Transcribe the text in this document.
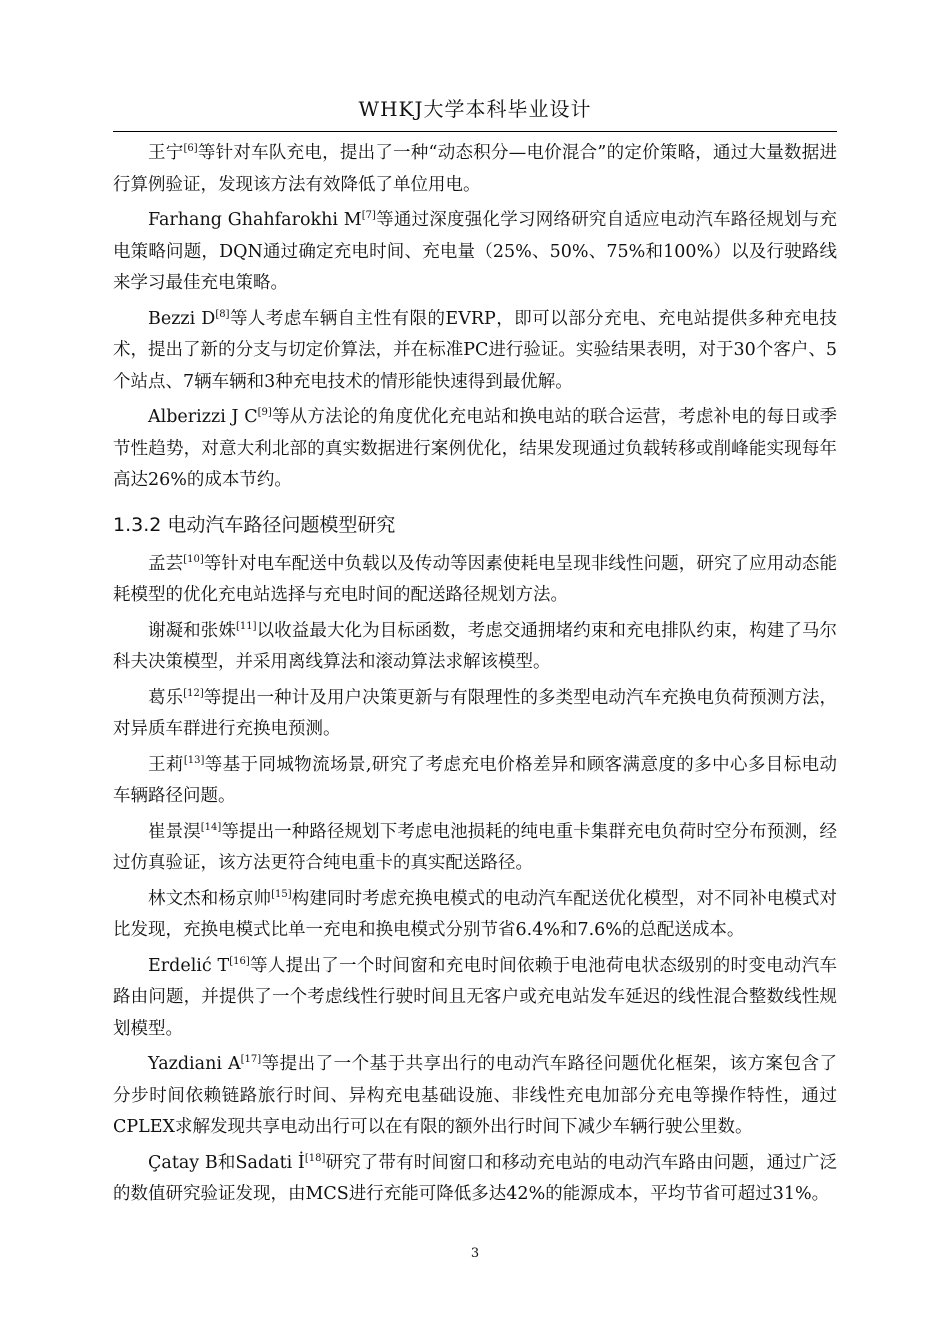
WHKJ大学本科毕业设计

王宁[6]等针对车队充电，提出了一种“动态积分—电价混合”的定价策略，通过大量数据进行算例验证，发现该方法有效降低了单位用电。

Farhang Ghahfarokhi M[7]等通过深度强化学习网络研究自适应电动汽车路径规划与充电策略问题，DQN通过确定充电时间、充电量（25%、50%、75%和100%）以及行驶路线来学习最佳充电策略。

Bezzi D[8]等人考虑车辆自主性有限的EVRP，即可以部分充电、充电站提供多种充电技术，提出了新的分支与切定价算法，并在标准PC进行验证。实验结果表明，对于30个客户、5个站点、7辆车辆和3种充电技术的情形能快速得到最优解。

Alberizzi J C[9]等从方法论的角度优化充电站和换电站的联合运营，考虑补电的每日或季节性趋势，对意大利北部的真实数据进行案例优化，结果发现通过负载转移或削峰能实现每年高达26%的成本节约。

1.3.2 电动汽车路径问题模型研究

孟芸[10]等针对电车配送中负载以及传动等因素使耗电呈现非线性问题，研究了应用动态能耗模型的优化充电站选择与充电时间的配送路径规划方法。

谢凝和张姝[11]以收益最大化为目标函数，考虑交通拥堵约束和充电排队约束，构建了马尔科夫决策模型，并采用离线算法和滚动算法求解该模型。

葛乐[12]等提出一种计及用户决策更新与有限理性的多类型电动汽车充换电负荷预测方法，对异质车群进行充换电预测。

王莉[13]等基于同城物流场景,研究了考虑充电价格差异和顾客满意度的多中心多目标电动车辆路径问题。

崔景淏[14]等提出一种路径规划下考虑电池损耗的纯电重卡集群充电负荷时空分布预测，经过仿真验证，该方法更符合纯电重卡的真实配送路径。

林文杰和杨京帅[15]构建同时考虑充换电模式的电动汽车配送优化模型，对不同补电模式对比发现，充换电模式比单一充电和换电模式分别节省6.4%和7.6%的总配送成本。

Erdelić T[16]等人提出了一个时间窗和充电时间依赖于电池荷电状态级别的时变电动汽车路由问题，并提供了一个考虑线性行驶时间且无客户或充电站发车延迟的线性混合整数线性规划模型。

Yazdiani A[17]等提出了一个基于共享出行的电动汽车路径问题优化框架，该方案包含了分步时间依赖链路旅行时间、异构充电基础设施、非线性充电加部分充电等操作特性，通过CPLEX求解发现共享电动出行可以在有限的额外出行时间下减少车辆行驶公里数。

Çatay B和Sadati İ[18]研究了带有时间窗口和移动充电站的电动汽车路由问题，通过广泛的数值研究验证发现，由MCS进行充能可降低多达42%的能源成本，平均节省可超过31%。

3
